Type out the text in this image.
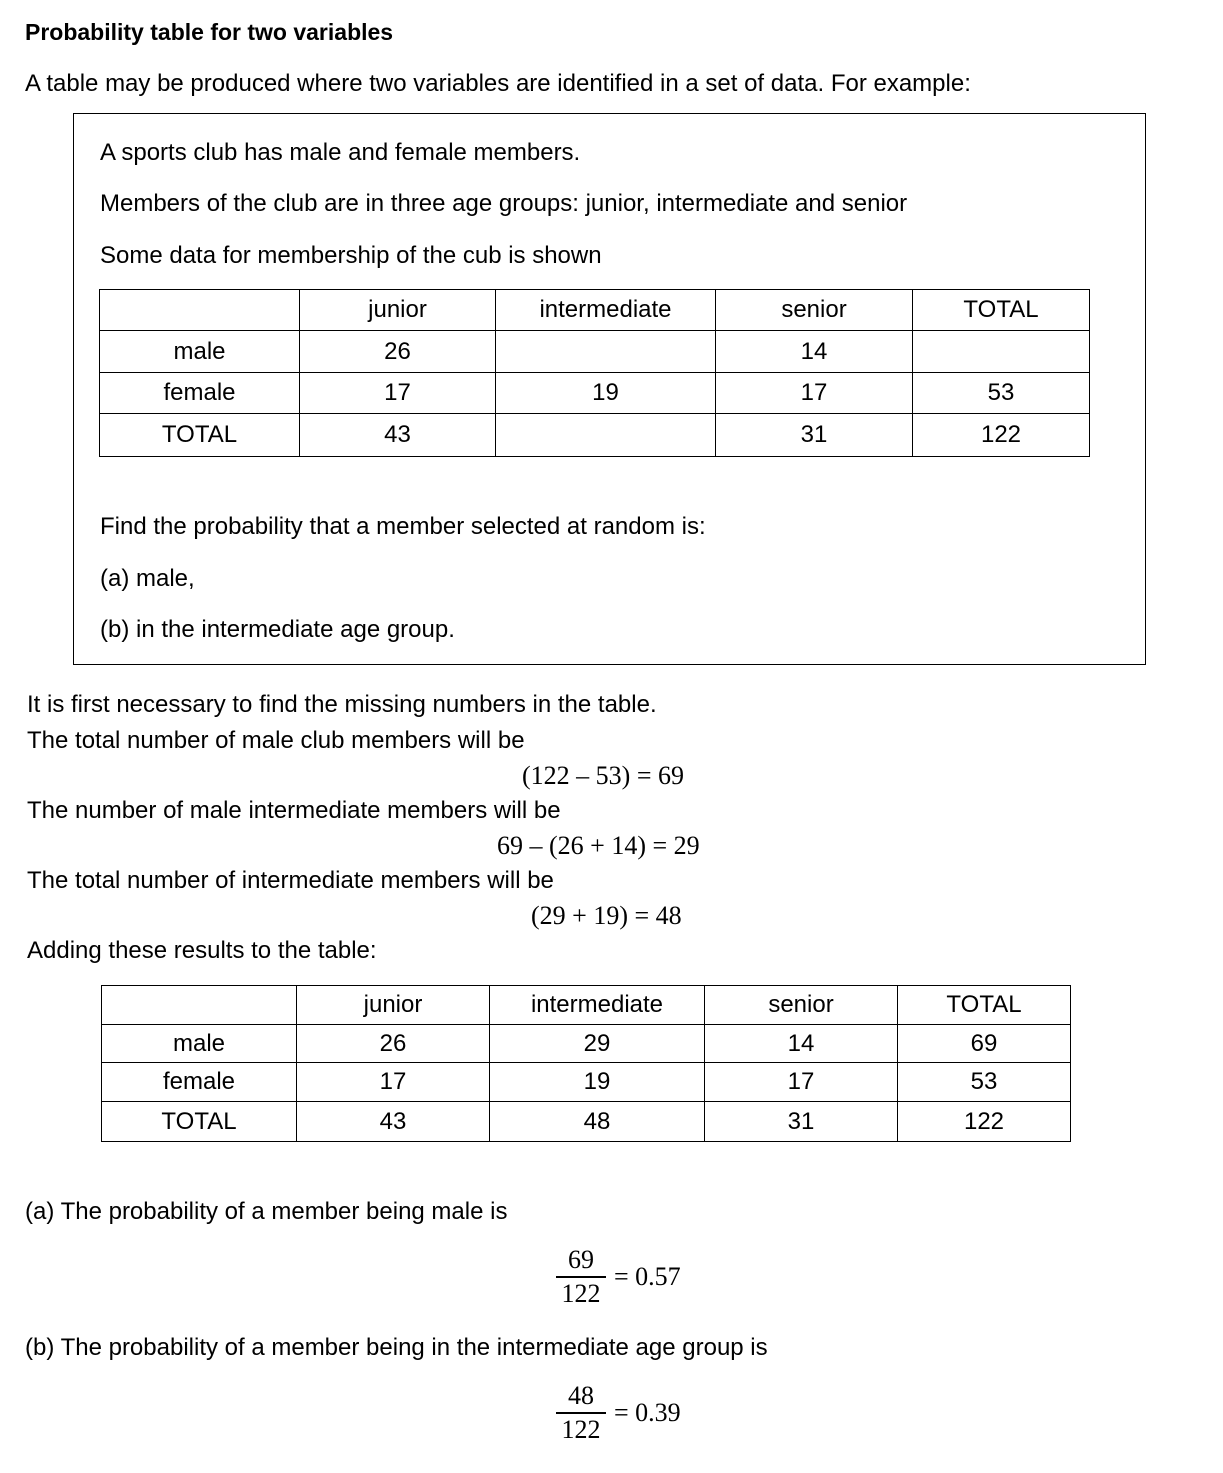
Probability table for two variables
A table may be produced where two variables are identified in a set of data. For example:
A sports club has male and female members.
Members of the club are in three age groups: junior, intermediate and senior
Some data for membership of the cub is shown
	junior	intermediate	senior	TOTAL
male	26		14	
female	17	19	17	53
TOTAL	43		31	122
Find the probability that a member selected at random is:
(a) male,
(b) in the intermediate age group.
It is first necessary to find the missing numbers in the table.
The total number of male club members will be
(122 – 53) = 69
The number of male intermediate members will be
69 – (26 + 14) = 29
The total number of intermediate members will be
(29 + 19) = 48
Adding these results to the table:
	junior	intermediate	senior	TOTAL
male	26	29	14	69
female	17	19	17	53
TOTAL	43	48	31	122
(a) The probability of a member being male is
$\frac{69}{122} = 0.57$
(b) The probability of a member being in the intermediate age group is
$\frac{48}{122} = 0.39$
